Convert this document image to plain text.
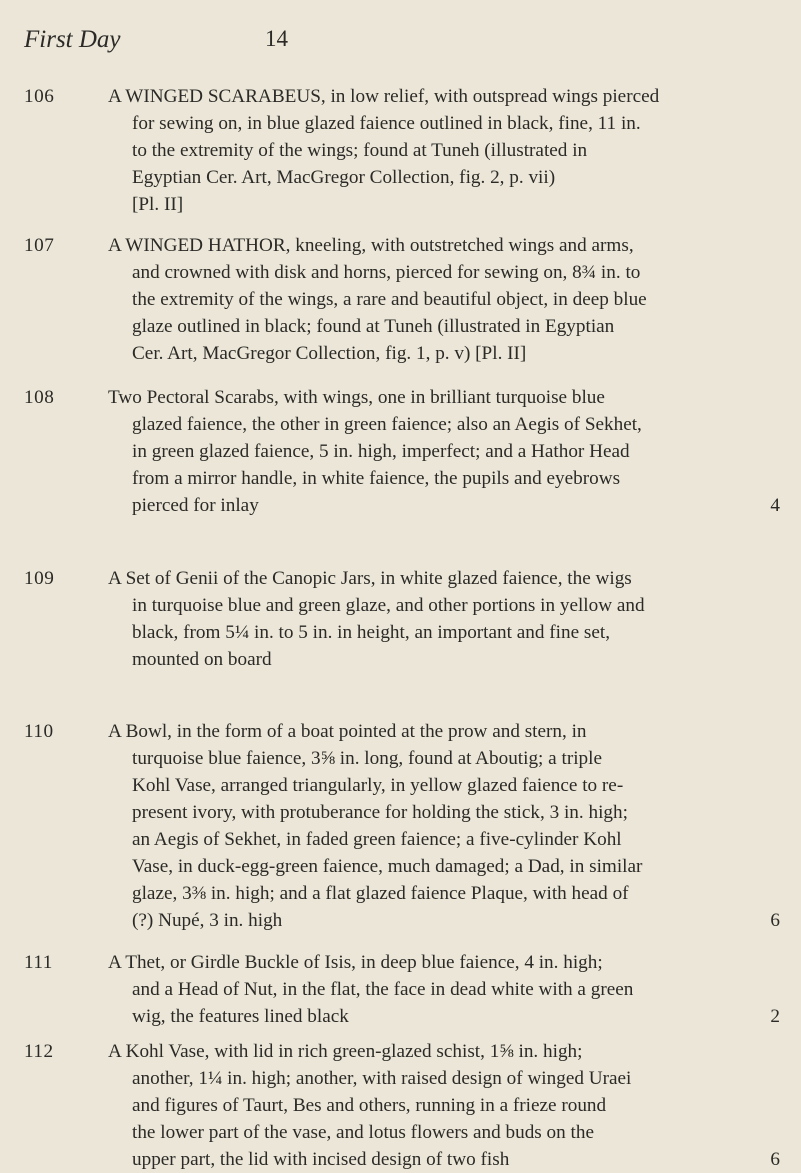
First Day	14
106	A WINGED SCARABEUS, in low relief, with outspread wings pierced
for sewing on, in blue glazed faience outlined in black, fine, 11 in.
to the extremity of the wings; found at Tuneh (illustrated in
Egyptian Cer. Art, MacGregor Collection, fig. 2, p. vii)
[Pl. II]
107	A WINGED HATHOR, kneeling, with outstretched wings and arms,
and crowned with disk and horns, pierced for sewing on, 8¾ in. to
the extremity of the wings, a rare and beautiful object, in deep blue
glaze outlined in black; found at Tuneh (illustrated in Egyptian
Cer. Art, MacGregor Collection, fig. 1, p. v) [Pl. II]
108	Two Pectoral Scarabs, with wings, one in brilliant turquoise blue
glazed faience, the other in green faience; also an Aegis of Sekhet,
in green glazed faience, 5 in. high, imperfect; and a Hathor Head
from a mirror handle, in white faience, the pupils and eyebrows
pierced for inlay	4
109	A Set of Genii of the Canopic Jars, in white glazed faience, the wigs
in turquoise blue and green glaze, and other portions in yellow and
black, from 5¼ in. to 5 in. in height, an important and fine set,
mounted on board
110	A Bowl, in the form of a boat pointed at the prow and stern, in
turquoise blue faience, 3⅝ in. long, found at Aboutig; a triple
Kohl Vase, arranged triangularly, in yellow glazed faience to re-
present ivory, with protuberance for holding the stick, 3 in. high;
an Aegis of Sekhet, in faded green faience; a five-cylinder Kohl
Vase, in duck-egg-green faience, much damaged; a Dad, in similar
glaze, 3⅜ in. high; and a flat glazed faience Plaque, with head of
(?) Nupé, 3 in. high	6
111	A Thet, or Girdle Buckle of Isis, in deep blue faience, 4 in. high;
and a Head of Nut, in the flat, the face in dead white with a green
wig, the features lined black	2
112	A Kohl Vase, with lid in rich green-glazed schist, 1⅝ in. high;
another, 1¼ in. high; another, with raised design of winged Uraei
and figures of Taurt, Bes and others, running in a frieze round
the lower part of the vase, and lotus flowers and buds on the
upper part, the lid with incised design of two fish	6
